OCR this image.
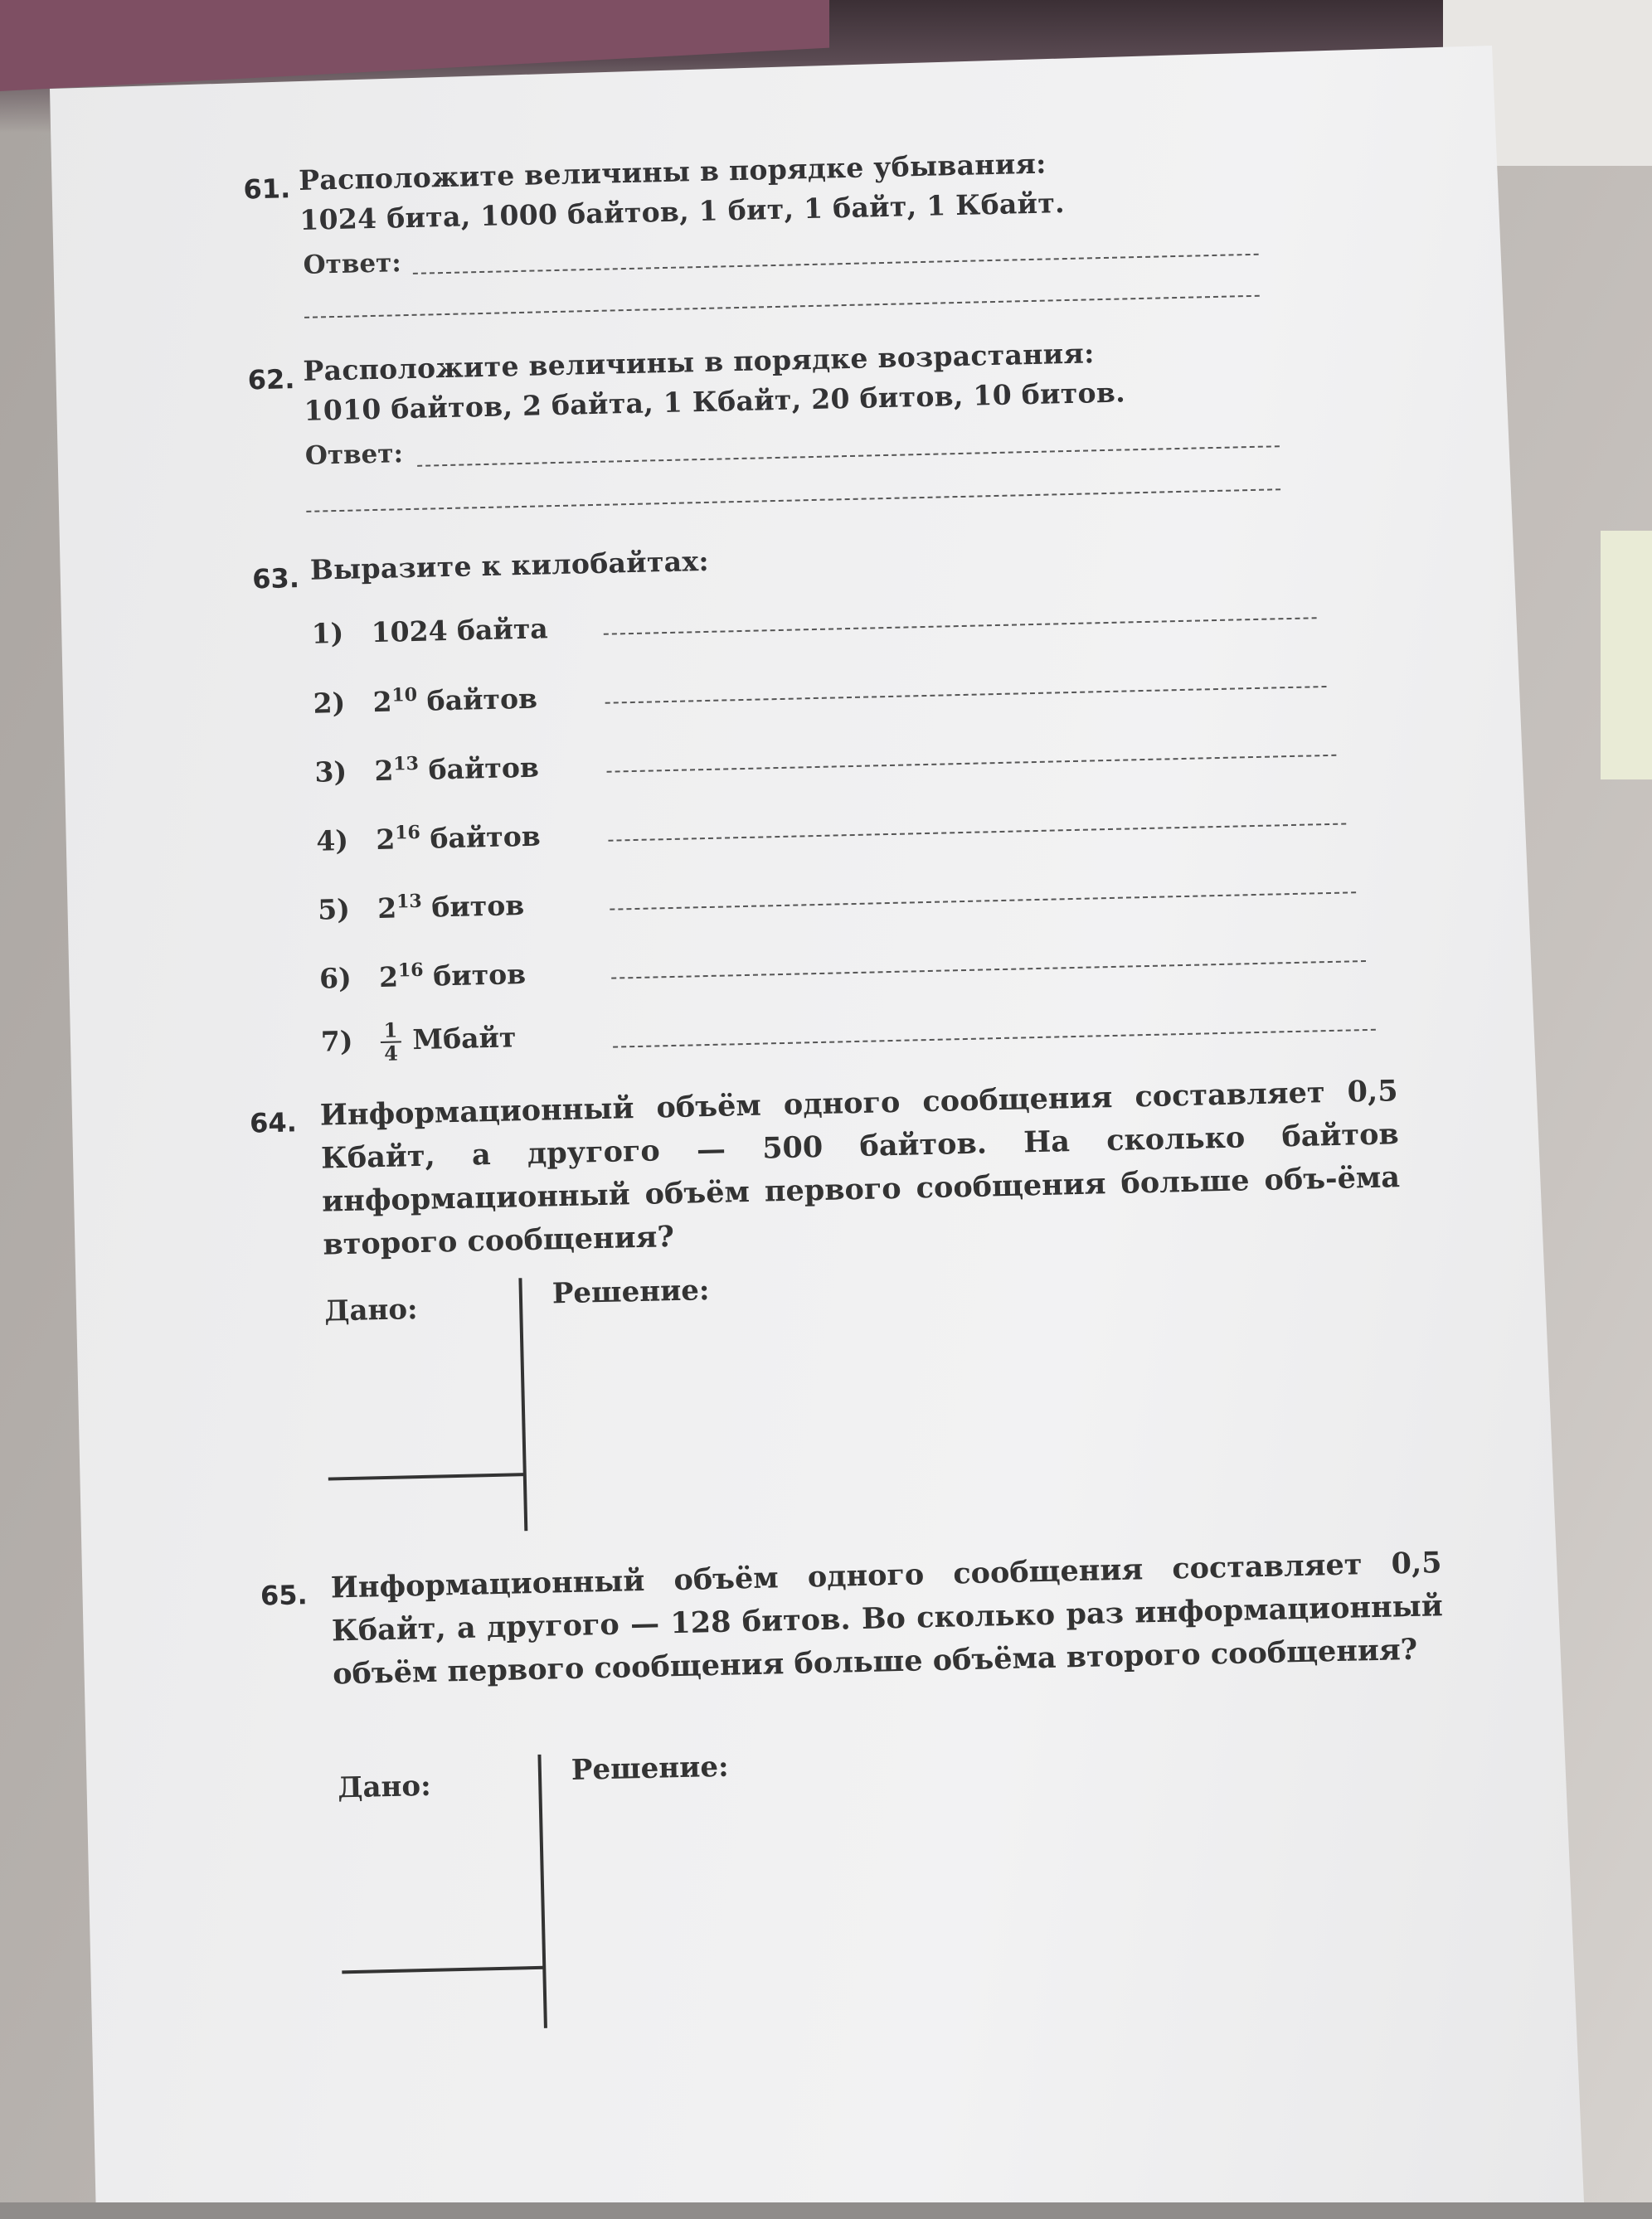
61. Расположите величины в порядке убывания:
1024 бита, 1000 байтов, 1 бит, 1 байт, 1 Кбайт.
Ответ:
62. Расположите величины в порядке возрастания:
1010 байтов, 2 байта, 1 Кбайт, 20 битов, 10 битов.
Ответ:
63. Выразите к килобайтах:
1) 1024 байта
2) $2^{10}$ байтов
3) $2^{13}$ байтов
4) $2^{16}$ байтов
5) $2^{13}$ битов
6) $2^{16}$ битов
$7) \frac{1}{4}$ Мбайт
64. Информационный объём одного сообщения составляет 0,5 Кбайт, а другого — 500 байтов. На сколько байтов информационный объём первого сообщения больше объ-ёма второго сообщения?
Дано:	Решение:
65. Информационный объём одного сообщения составляет 0,5 Кбайт, а другого — 128 битов. Во сколько раз информационный объём первого сообщения больше объёма второго сообщения?
Дано:
Решение:
